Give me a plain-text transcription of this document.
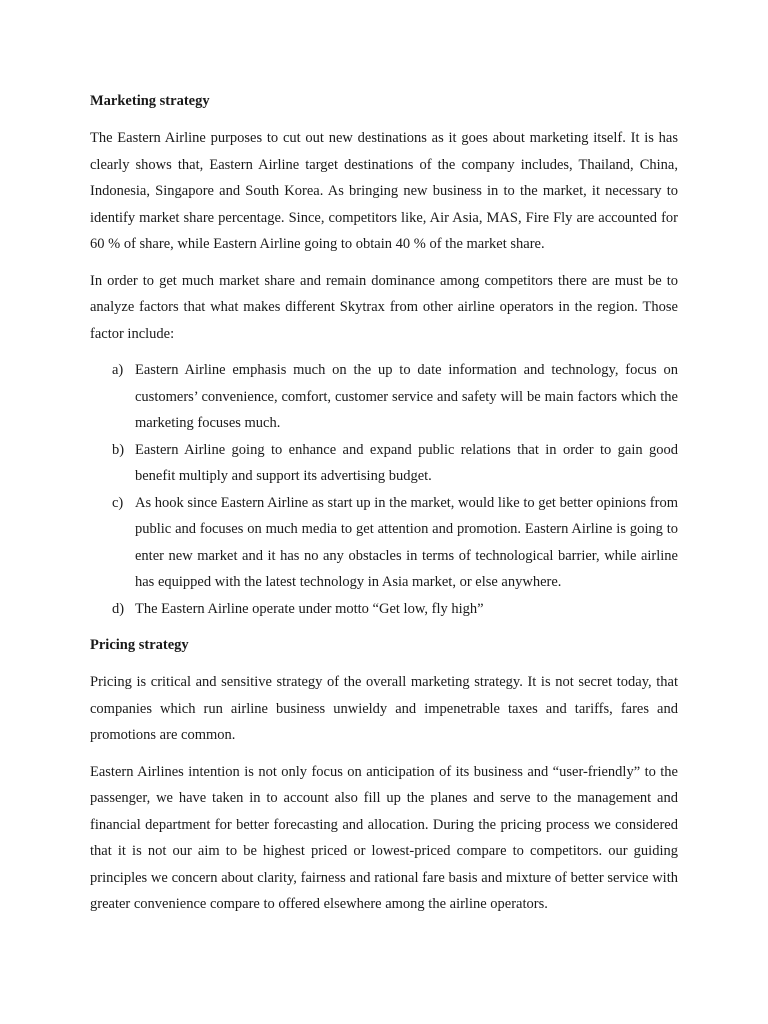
Marketing strategy

The Eastern Airline purposes to cut out new destinations as it goes about marketing itself. It is has clearly shows that, Eastern Airline target destinations of the company includes, Thailand, China, Indonesia, Singapore and South Korea. As bringing new business in to the market, it necessary to identify market share percentage. Since, competitors like, Air Asia, MAS, Fire Fly are accounted for 60 % of share, while Eastern Airline going to obtain 40 % of the market share.

In order to get much market share and remain dominance among competitors there are must be to analyze factors that what makes different Skytrax from other airline operators in the region. Those factor include:

a) Eastern Airline emphasis much on the up to date information and technology, focus on customers’ convenience, comfort, customer service and safety will be main factors which the marketing focuses much.
b) Eastern Airline going to enhance and expand public relations that in order to gain good benefit multiply and support its advertising budget.
c) As hook since Eastern Airline as start up in the market, would like to get better opinions from public and focuses on much media to get attention and promotion. Eastern Airline is going to enter new market and it has no any obstacles in terms of technological barrier, while airline has equipped with the latest technology in Asia market, or else anywhere.
d) The Eastern Airline operate under motto “Get low, fly high”
Pricing strategy

Pricing is critical and sensitive strategy of the overall marketing strategy. It is not secret today, that companies which run airline business unwieldy and impenetrable taxes and tariffs, fares and promotions are common.

Eastern Airlines intention is not only focus on anticipation of its business and “user-friendly” to the passenger, we have taken in to account also fill up the planes and serve to the management and financial department for better forecasting and allocation. During the pricing process we considered that it is not our aim to be highest priced or lowest-priced compare to competitors. our guiding principles we concern about clarity, fairness and rational fare basis and mixture of better service with greater convenience compare to offered elsewhere among the airline operators.
